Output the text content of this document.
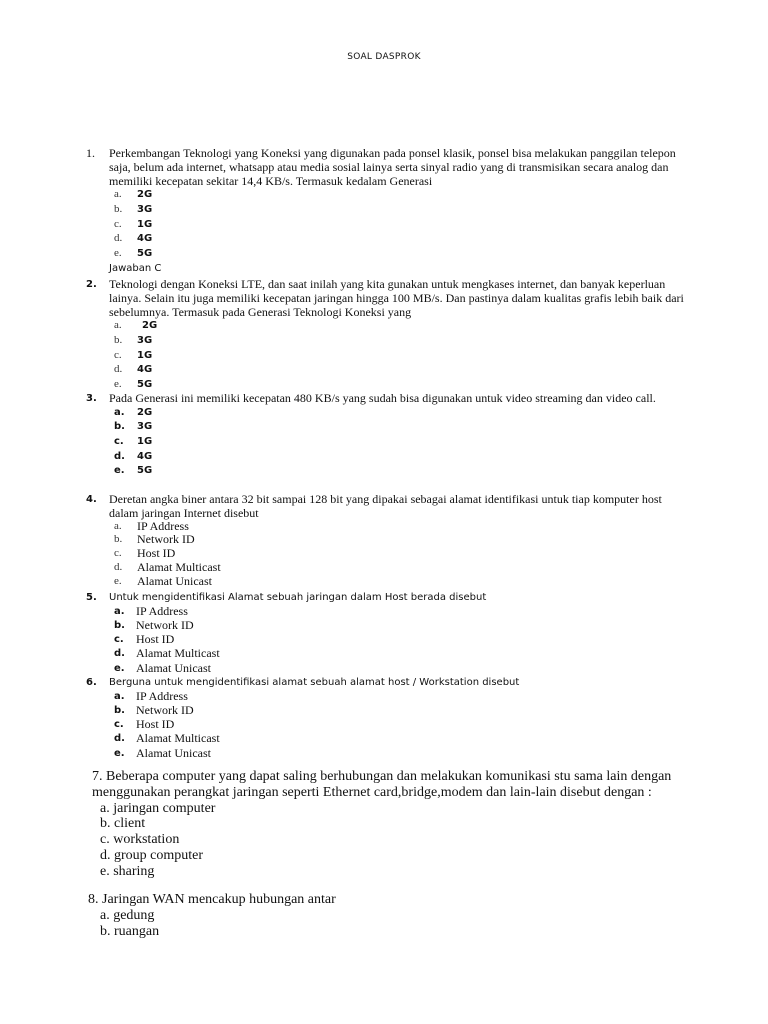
SOAL DASPROK
1. Perkembangan Teknologi yang Koneksi yang digunakan pada ponsel klasik, ponsel bisa melakukan panggilan telepon saja, belum ada internet, whatsapp atau media sosial lainya serta sinyal radio yang di transmisikan secara analog dan memiliki kecepatan sekitar 14,4 KB/s. Termasuk kedalam Generasi
a.	2G
b.	3G
c.	1G
d.	4G
e.	5G
Jawaban C
2. Teknologi dengan Koneksi LTE, dan saat inilah yang kita gunakan untuk mengkases internet, dan banyak keperluan lainya. Selain itu juga memiliki kecepatan jaringan hingga 100 MB/s. Dan pastinya dalam kualitas grafis lebih baik dari sebelumnya. Termasuk pada Generasi Teknologi Koneksi yang
a.	2G
b.	3G
c.	1G
d.	4G
e.	5G
3. Pada Generasi ini memiliki kecepatan 480 KB/s yang sudah bisa digunakan untuk video streaming dan video call.
a.	2G
b.	3G
c.	1G
d.	4G
e.	5G
4. Deretan angka biner antara 32 bit sampai 128 bit yang dipakai sebagai alamat identifikasi untuk tiap komputer host dalam jaringan Internet disebut
a.	IP Address
b.	Network ID
c.	Host ID
d.	Alamat Multicast
e.	Alamat Unicast
5. Untuk mengidentifikasi Alamat sebuah jaringan dalam Host berada disebut
a. IP Address
b. Network ID
c.	Host ID
d. Alamat Multicast
e. Alamat Unicast
6. Berguna untuk mengidentifikasi alamat sebuah alamat host / Workstation disebut
a. IP Address
b. Network ID
c.	Host ID
d. Alamat Multicast
e. Alamat Unicast
7. Beberapa computer yang dapat saling berhubungan dan melakukan komunikasi stu sama lain dengan menggunakan perangkat jaringan seperti Ethernet card,bridge,modem dan lain-lain disebut dengan :
a. jaringan computer
b. client
c. workstation
d. group computer
e. sharing
8. Jaringan WAN mencakup hubungan antar
a. gedung
b. ruangan
